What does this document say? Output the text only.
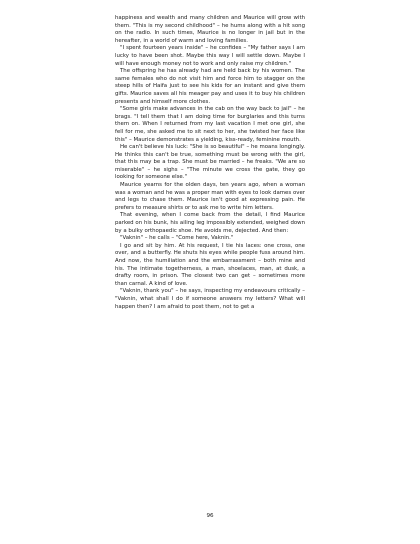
happiness and wealth and many children and Maurice will grow with them. "This is my second childhood" – he hums along with a hit song on the radio. In such times, Maurice is no longer in jail but in the hereafter, in a world of warm and loving families.

"I spent fourteen years inside" – he confides – "My father says I am lucky to have been shot. Maybe this way I will settle down. Maybe I will have enough money not to work and only raise my children."

The offspring he has already had are held back by his women. The same females who do not visit him and force him to stagger on the steep hills of Haifa just to see his kids for an instant and give them gifts. Maurice saves all his meager pay and uses it to buy his children presents and himself more clothes.

"Some girls make advances in the cab on the way back to jail" – he brags. "I tell them that I am doing time for burglaries and this turns them on. When I returned from my last vacation I met one girl, she fell for me, she asked me to sit next to her, she twisted her face like this" – Maurice demonstrates a yielding, kiss-ready, feminine mouth.

He can't believe his luck: "She is so beautiful" – he moans longingly. He thinks this can't be true, something must be wrong with the girl, that this may be a trap. She must be married – he freaks. "We are so miserable" – he sighs – "The minute we cross the gate, they go looking for someone else."

Maurice yearns for the olden days, ten years ago, when a woman was a woman and he was a proper man with eyes to look dames over and legs to chase them. Maurice isn't good at expressing pain. He prefers to measure shirts or to ask me to write him letters.

That evening, when I come back from the detail, I find Maurice parked on his bunk, his ailing leg impossibly extended, weighed down by a bulky orthopaedic shoe. He avoids me, dejected. And then:

"Vaknin" – he calls – "Come here, Vaknin."

I go and sit by him. At his request, I tie his laces: one cross, one over, and a butterfly. He shuts his eyes while people fuss around him. And now, the humiliation and the embarrassment – both mine and his. The intimate togetherness, a man, shoelaces, man, at dusk, a drafty room, in prison. The closest two can get – sometimes more than carnal. A kind of love.

"Vaknin, thank you" – he says, inspecting my endeavours critically – "Vaknin, what shall I do if someone answers my letters? What will happen then? I am afraid to post them, not to get a

96
